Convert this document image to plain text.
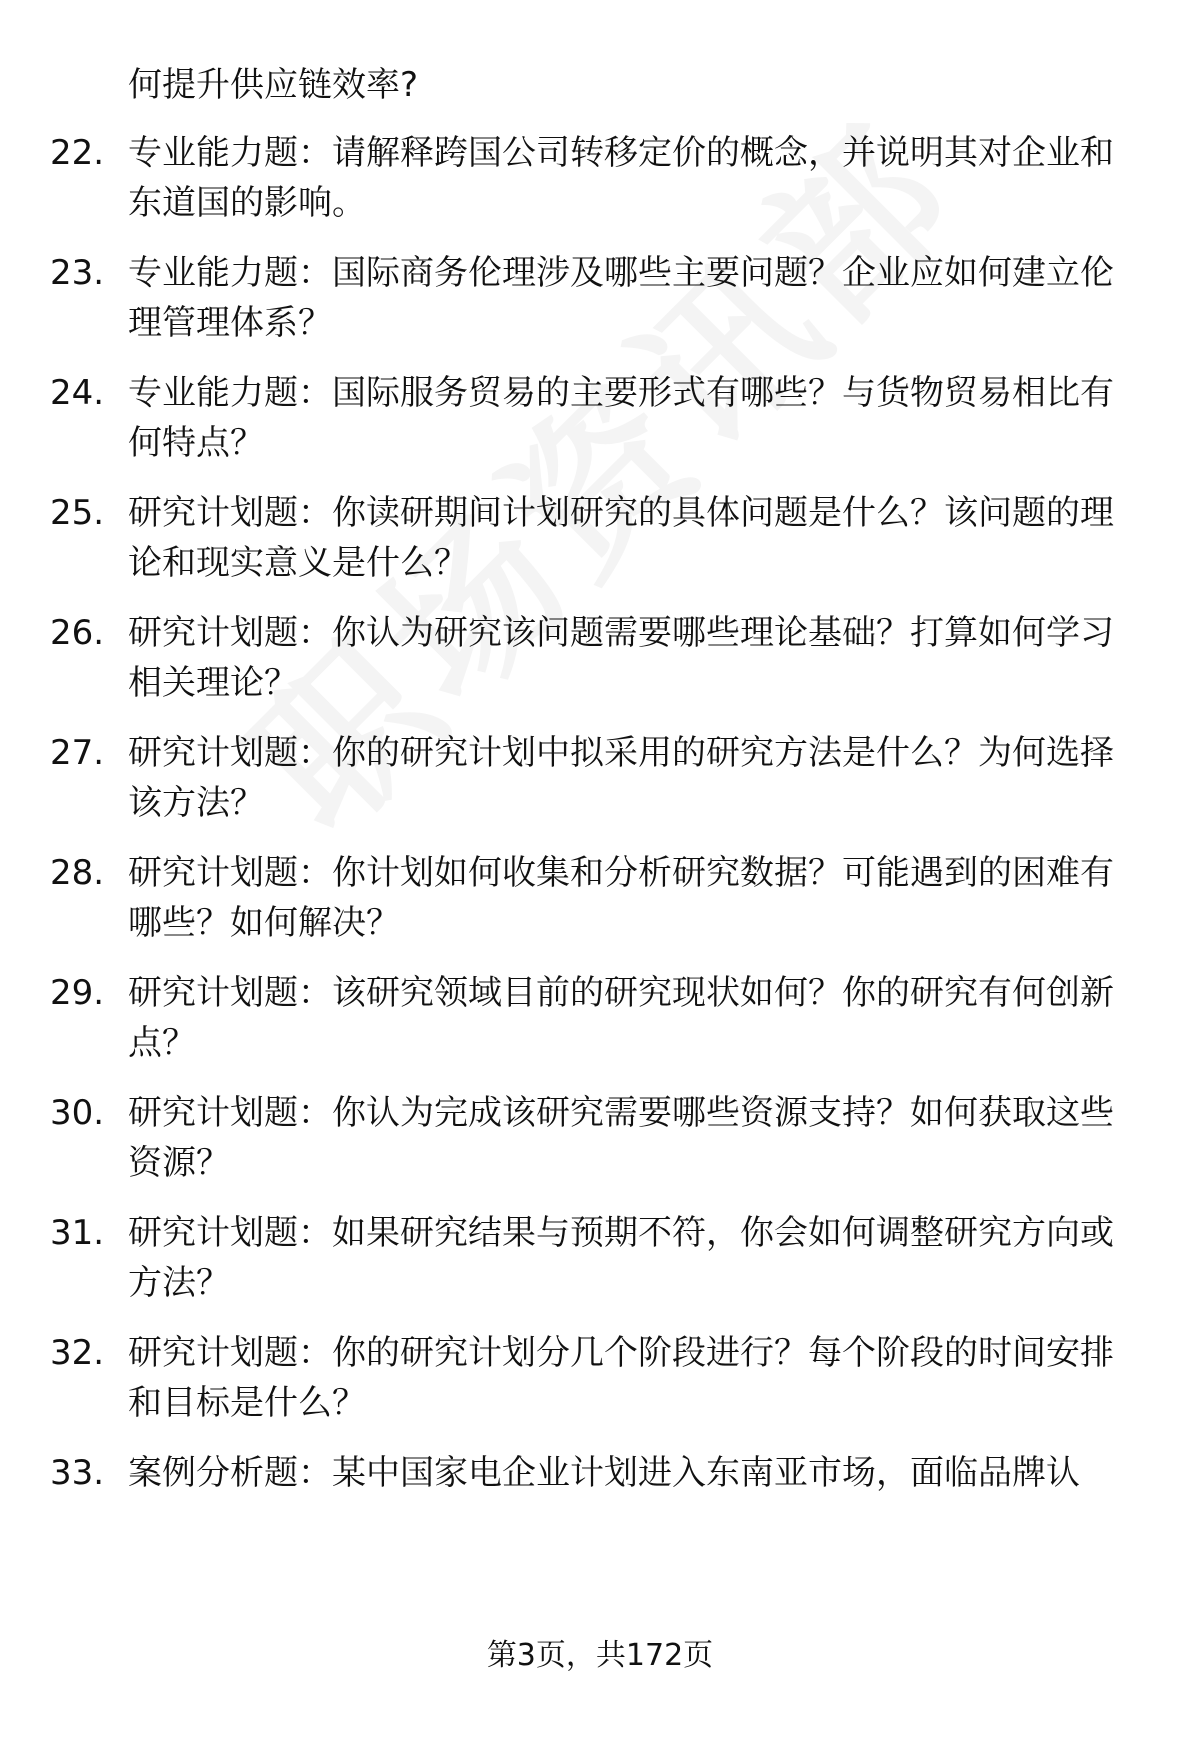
何提升供应链效率?
22. 专业能力题：请解释跨国公司转移定价的概念，并说明其对企业和东道国的影响。
23. 专业能力题：国际商务伦理涉及哪些主要问题？企业应如何建立伦理管理体系？
24. 专业能力题：国际服务贸易的主要形式有哪些？与货物贸易相比有何特点？
25. 研究计划题：你读研期间计划研究的具体问题是什么？该问题的理论和现实意义是什么？
26. 研究计划题：你认为研究该问题需要哪些理论基础？打算如何学习相关理论？
27. 研究计划题：你的研究计划中拟采用的研究方法是什么？为何选择该方法？
28. 研究计划题：你计划如何收集和分析研究数据？可能遇到的困难有哪些？如何解决？
29. 研究计划题：该研究领域目前的研究现状如何？你的研究有何创新点？
30. 研究计划题：你认为完成该研究需要哪些资源支持？如何获取这些资源？
31. 研究计划题：如果研究结果与预期不符，你会如何调整研究方向或方法？
32. 研究计划题：你的研究计划分几个阶段进行？每个阶段的时间安排和目标是什么？
33. 案例分析题：某中国家电企业计划进入东南亚市场，面临品牌认
第3页，共172页
